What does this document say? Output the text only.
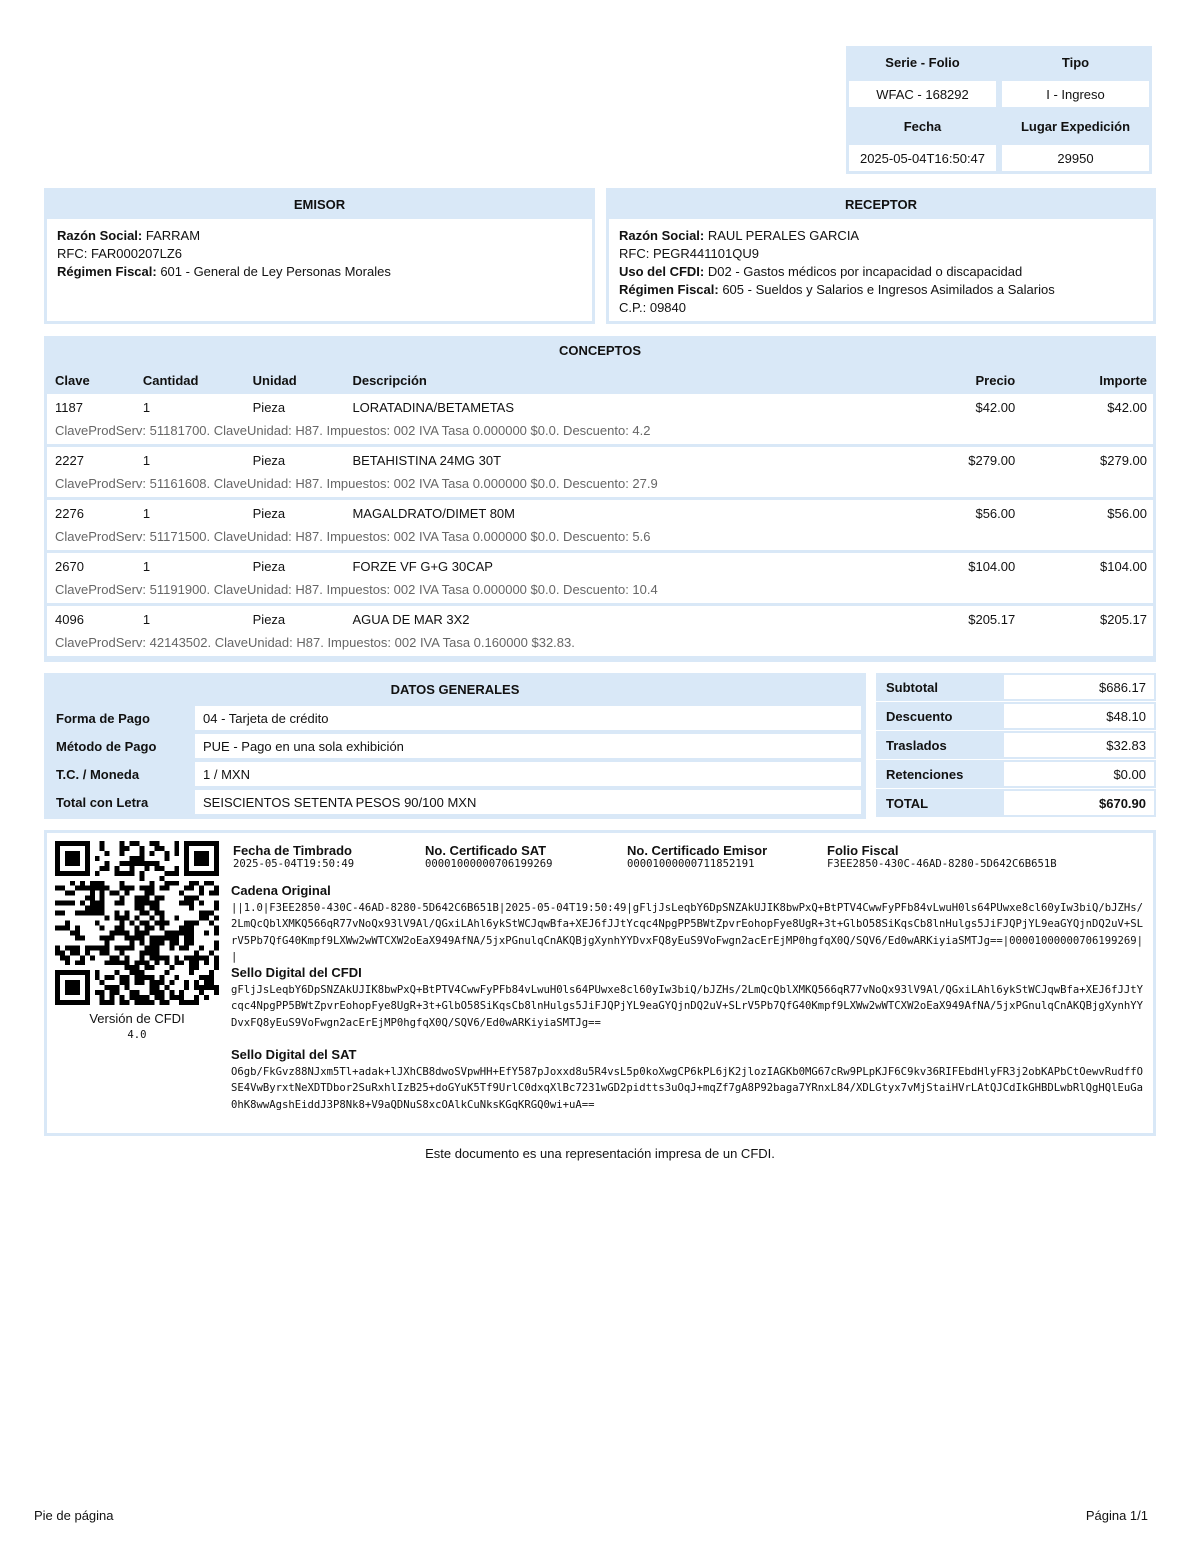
Serie - Folio	Tipo
WFAC - 168292	I - Ingreso
Fecha	Lugar Expedición
2025-05-04T16:50:47	29950
EMISOR
Razón Social: FARRAM
RFC: FAR000207LZ6
Régimen Fiscal: 601 - General de Ley Personas Morales
RECEPTOR
Razón Social: RAUL PERALES GARCIA
RFC: PEGR441101QU9
Uso del CFDI: D02 - Gastos médicos por incapacidad o discapacidad
Régimen Fiscal: 605 - Sueldos y Salarios e Ingresos Asimilados a Salarios
C.P.: 09840
CONCEPTOS
Clave	Cantidad	Unidad	Descripción	Precio	Importe
1187	1	Pieza	LORATADINA/BETAMETAS	$42.00	$42.00
ClaveProdServ: 51181700. ClaveUnidad: H87. Impuestos: 002 IVA Tasa 0.000000 $0.0. Descuento: 4.2
2227	1	Pieza	BETAHISTINA 24MG 30T	$279.00	$279.00
ClaveProdServ: 51161608. ClaveUnidad: H87. Impuestos: 002 IVA Tasa 0.000000 $0.0. Descuento: 27.9
2276	1	Pieza	MAGALDRATO/DIMET 80M	$56.00	$56.00
ClaveProdServ: 51171500. ClaveUnidad: H87. Impuestos: 002 IVA Tasa 0.000000 $0.0. Descuento: 5.6
2670	1	Pieza	FORZE VF G+G 30CAP	$104.00	$104.00
ClaveProdServ: 51191900. ClaveUnidad: H87. Impuestos: 002 IVA Tasa 0.000000 $0.0. Descuento: 10.4
4096	1	Pieza	AGUA DE MAR 3X2	$205.17	$205.17
ClaveProdServ: 42143502. ClaveUnidad: H87. Impuestos: 002 IVA Tasa 0.160000 $32.83.
DATOS GENERALES
Forma de Pago	04 - Tarjeta de crédito
Método de Pago	PUE - Pago en una sola exhibición
T.C. / Moneda	1 / MXN
Total con Letra	SEISCIENTOS SETENTA PESOS 90/100 MXN
Subtotal	$686.17
Descuento	$48.10
Traslados	$32.83
Retenciones	$0.00
TOTAL	$670.90
Versión de CFDI
4.0
Fecha de Timbrado
2025-05-04T19:50:49
No. Certificado SAT
00001000000706199269
No. Certificado Emisor
00001000000711852191
Folio Fiscal
F3EE2850-430C-46AD-8280-5D642C6B651B
Cadena Original
||1.0|F3EE2850-430C-46AD-8280-5D642C6B651B|2025-05-04T19:50:49|gFljJsLeqbY6DpSNZAkUJIK8bwPxQ+BtPTV4CwwFyPFb84vLwuH0ls64PUwxe8cl60yIw3biQ/bJZHs/2LmQcQblXMKQ566qR77vNoQx93lV9Al/QGxiLAhl6ykStWCJqwBfa+XEJ6fJJtYcqc4NpgPP5BWtZpvrEohopFye8UgR+3t+GlbO58SiKqsCb8lnHulgs5JiFJQPjYL9eaGYQjnDQ2uV+SLrV5Pb7QfG40Kmpf9LXWw2wWTCXW2oEaX949AfNA/5jxPGnulqCnAKQBjgXynhYYDvxFQ8yEuS9VoFwgn2acErEjMP0hgfqX0Q/SQV6/Ed0wARKiyiaSMTJg==|00001000000706199269||
Sello Digital del CFDI
gFljJsLeqbY6DpSNZAkUJIK8bwPxQ+BtPTV4CwwFyPFb84vLwuH0ls64PUwxe8cl60yIw3biQ/bJZHs/2LmQcQblXMKQ566qR77vNoQx93lV9Al/QGxiLAhl6ykStWCJqwBfa+XEJ6fJJtYcqc4NpgPP5BWtZpvrEohopFye8UgR+3t+GlbO58SiKqsCb8lnHulgs5JiFJQPjYL9eaGYQjnDQ2uV+SLrV5Pb7QfG40Kmpf9LXWw2wWTCXW2oEaX949AfNA/5jxPGnulqCnAKQBjgXynhYYDvxFQ8yEuS9VoFwgn2acErEjMP0hgfqX0Q/SQV6/Ed0wARKiyiaSMTJg==
Sello Digital del SAT
O6gb/FkGvz88NJxm5Tl+adak+lJXhCB8dwoSVpwHH+EfY587pJoxxd8u5R4vsL5p0koXwgCP6kPL6jK2jlozIAGKb0MG67cRw9PLpKJF6C9kv36RIFEbdHlyFR3j2obKAPbCtOewvRudffOSE4VwByrxtNeXDTDbor2SuRxhlIzB25+doGYuK5Tf9UrlC0dxqXlBc7231wGD2pidtts3uOqJ+mqZf7gA8P92baga7YRnxL84/XDLGtyx7vMjStaiHVrLAtQJCdIkGHBDLwbRlQgHQlEuGa0hK8wwAgshEiddJ3P8Nk8+V9aQDNuS8xcOAlkCuNksKGqKRGQ0wi+uA==
Este documento es una representación impresa de un CFDI.
Pie de página	Página 1/1
